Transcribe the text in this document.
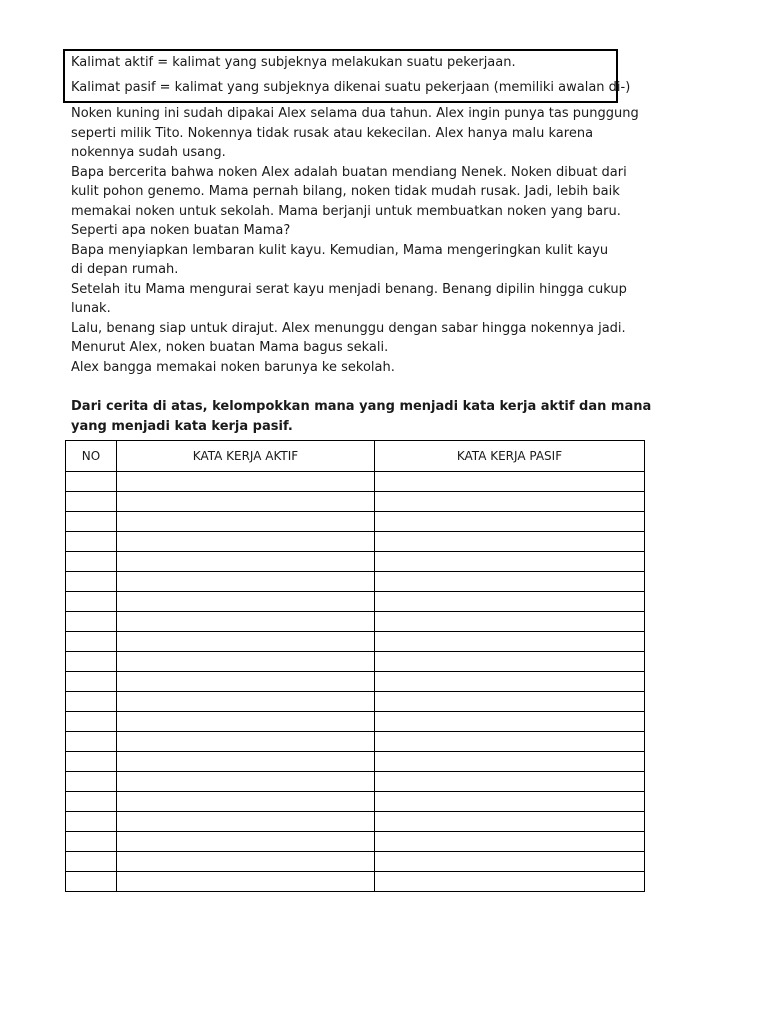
Kalimat aktif = kalimat yang subjeknya melakukan suatu pekerjaan.
Kalimat pasif = kalimat yang subjeknya dikenai suatu pekerjaan (memiliki awalan di-)
Noken kuning ini sudah dipakai Alex selama dua tahun. Alex ingin punya tas punggung
seperti milik Tito. Nokennya tidak rusak atau kekecilan. Alex hanya malu karena
nokennya sudah usang.
Bapa bercerita bahwa noken Alex adalah buatan mendiang Nenek. Noken dibuat dari
kulit pohon genemo. Mama pernah bilang, noken tidak mudah rusak. Jadi, lebih baik
memakai noken untuk sekolah. Mama berjanji untuk membuatkan noken yang baru.
Seperti apa noken buatan Mama?
Bapa menyiapkan lembaran kulit kayu. Kemudian, Mama mengeringkan kulit kayu
di depan rumah.
Setelah itu Mama mengurai serat kayu menjadi benang. Benang dipilin hingga cukup
lunak.
Lalu, benang siap untuk dirajut. Alex menunggu dengan sabar hingga nokennya jadi.
Menurut Alex, noken buatan Mama bagus sekali.
Alex bangga memakai noken barunya ke sekolah.
Dari cerita di atas, kelompokkan mana yang menjadi kata kerja aktif dan mana
yang menjadi kata kerja pasif.
NO	KATA KERJA AKTIF	KATA KERJA PASIF
